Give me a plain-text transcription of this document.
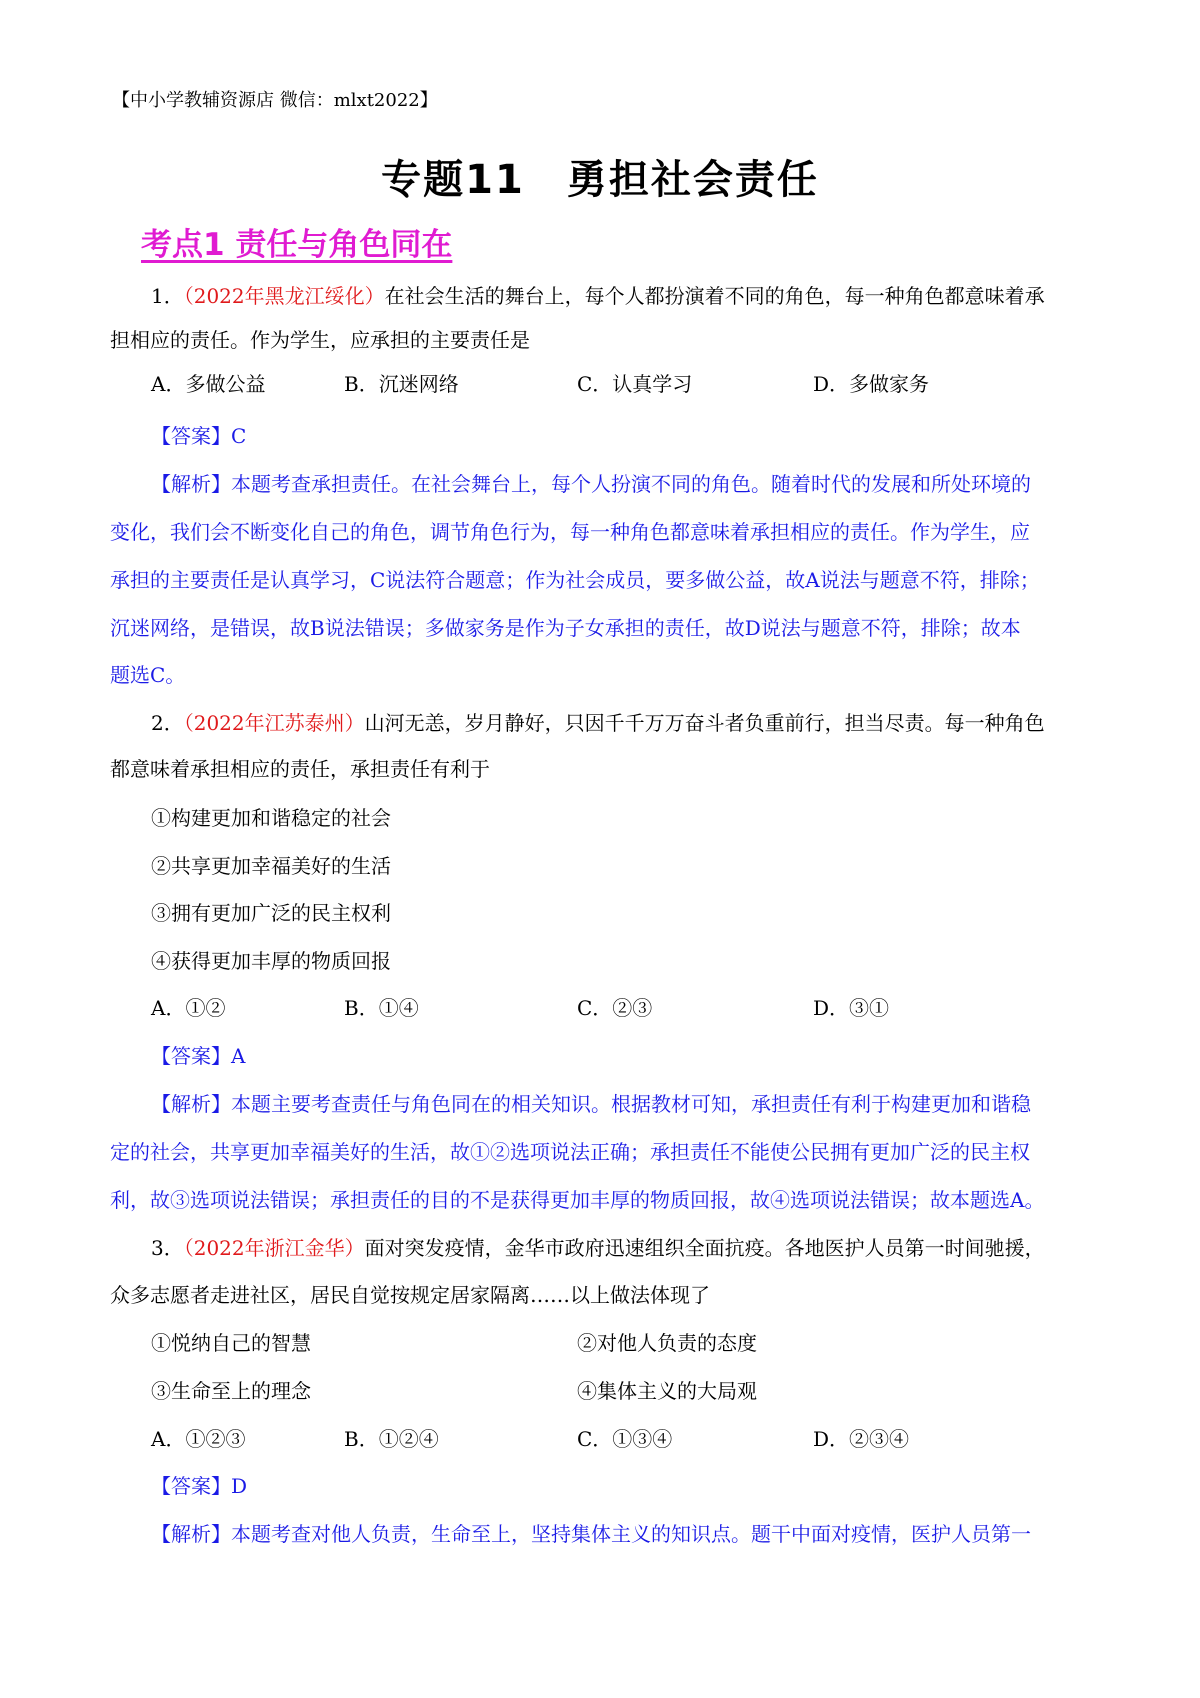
【中小学教辅资源店 微信：mlxt2022】
专题11　勇担社会责任
考点1 责任与角色同在
1．（2022年黑龙江绥化）在社会生活的舞台上，每个人都扮演着不同的角色，每一种角色都意味着承
担相应的责任。作为学生，应承担的主要责任是
A．多做公益	B．沉迷网络	C．认真学习	D．多做家务
【答案】C
【解析】本题考查承担责任。在社会舞台上，每个人扮演不同的角色。随着时代的发展和所处环境的
变化，我们会不断变化自己的角色，调节角色行为，每一种角色都意味着承担相应的责任。作为学生，应
承担的主要责任是认真学习，C说法符合题意；作为社会成员，要多做公益，故A说法与题意不符，排除；
沉迷网络，是错误，故B说法错误；多做家务是作为子女承担的责任，故D说法与题意不符，排除；故本
题选C。
2．（2022年江苏泰州）山河无恙，岁月静好，只因千千万万奋斗者负重前行，担当尽责。每一种角色
都意味着承担相应的责任，承担责任有利于
①构建更加和谐稳定的社会
②共享更加幸福美好的生活
③拥有更加广泛的民主权利
④获得更加丰厚的物质回报
A．①②	B．①④	C．②③	D．③①
【答案】A
【解析】本题主要考查责任与角色同在的相关知识。根据教材可知，承担责任有利于构建更加和谐稳
定的社会，共享更加幸福美好的生活，故①②选项说法正确；承担责任不能使公民拥有更加广泛的民主权
利，故③选项说法错误；承担责任的目的不是获得更加丰厚的物质回报，故④选项说法错误；故本题选A。
3．（2022年浙江金华）面对突发疫情，金华市政府迅速组织全面抗疫。各地医护人员第一时间驰援，
众多志愿者走进社区，居民自觉按规定居家隔离……以上做法体现了
①悦纳自己的智慧	②对他人负责的态度
③生命至上的理念	④集体主义的大局观
A．①②③	B．①②④	C．①③④	D．②③④
【答案】D
【解析】本题考查对他人负责，生命至上，坚持集体主义的知识点。题干中面对疫情，医护人员第一
